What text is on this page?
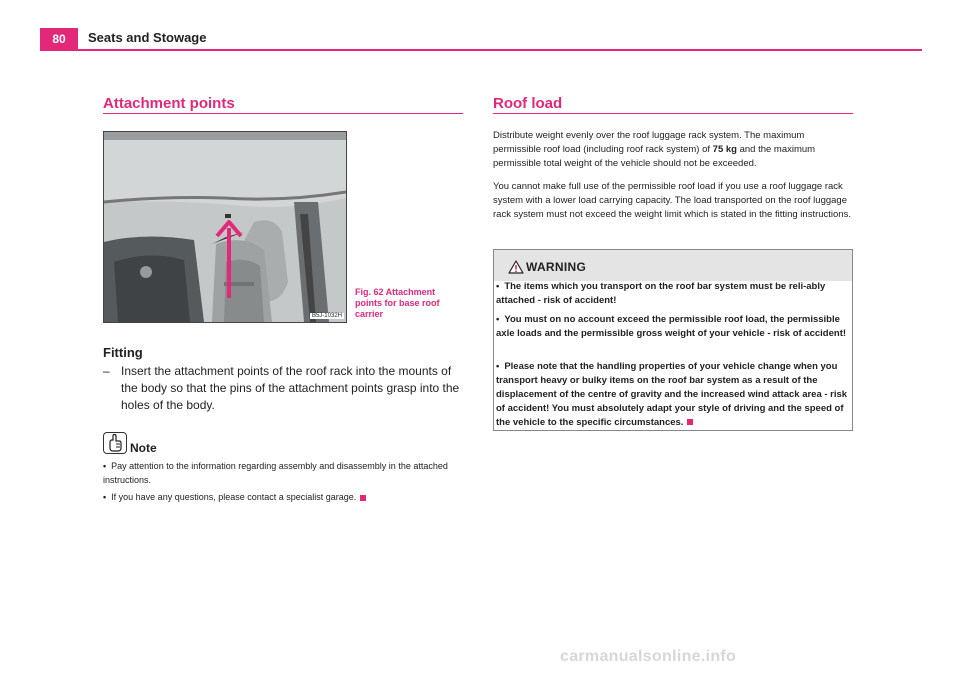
80	Seats and Stowage
Attachment points
B5J-1032H
Fig. 62 Attachment points for base roof carrier
Fitting
– Insert the attachment points of the roof rack into the mounts of the body so that the pins of the attachment points grasp into the holes of the body.
Note
• Pay attention to the information regarding assembly and disassembly in the attached instructions.
• If you have any questions, please contact a specialist garage.
Roof load
Distribute weight evenly over the roof luggage rack system. The maximum permissible roof load (including roof rack system) of 75 kg and the maximum permissible total weight of the vehicle should not be exceeded.
You cannot make full use of the permissible roof load if you use a roof luggage rack system with a lower load carrying capacity. The load transported on the roof luggage rack system must not exceed the weight limit which is stated in the fitting instructions.
WARNING
• The items which you transport on the roof bar system must be reli-ably attached - risk of accident!
• You must on no account exceed the permissible roof load, the permissible axle loads and the permissible gross weight of your vehicle - risk of accident!
• Please note that the handling properties of your vehicle change when you transport heavy or bulky items on the roof bar system as a result of the displacement of the centre of gravity and the increased wind attack area - risk of accident! You must absolutely adapt your style of driving and the speed of the vehicle to the specific circumstances.
carmanualsonline.info
